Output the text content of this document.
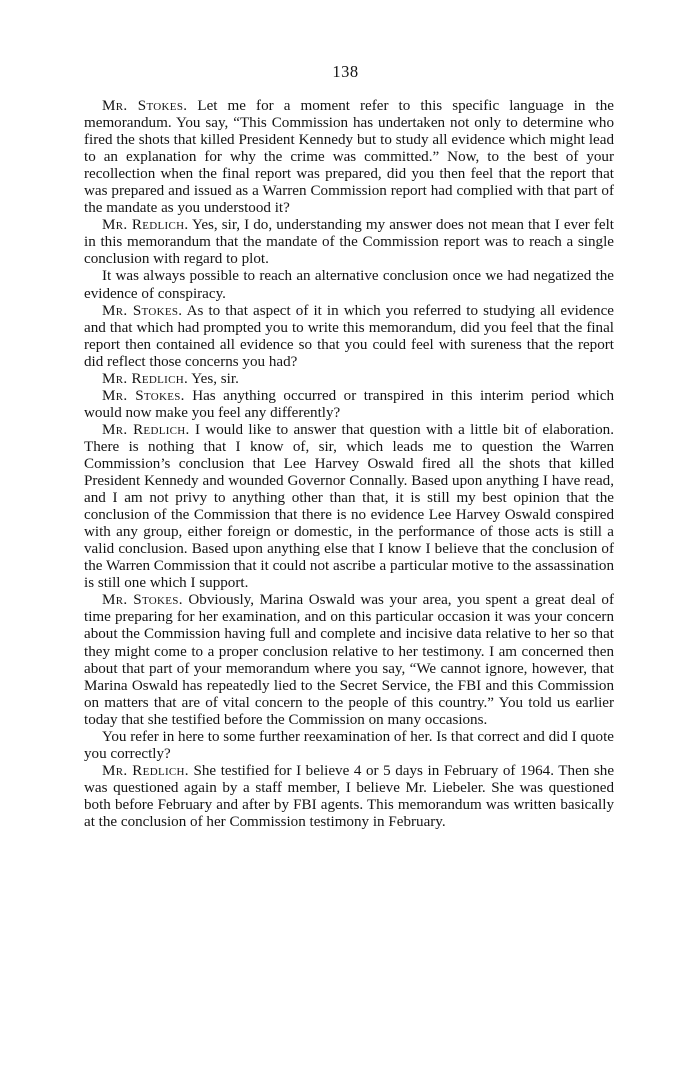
138

Mr. Stokes. Let me for a moment refer to this specific language in the memorandum. You say, “This Commission has undertaken not only to determine who fired the shots that killed President Kennedy but to study all evidence which might lead to an explanation for why the crime was committed.” Now, to the best of your recollection when the final report was prepared, did you then feel that the report that was prepared and issued as a Warren Commission report had complied with that part of the mandate as you understood it?

Mr. Redlich. Yes, sir, I do, understanding my answer does not mean that I ever felt in this memorandum that the mandate of the Commission report was to reach a single conclusion with regard to plot.

It was always possible to reach an alternative conclusion once we had negatized the evidence of conspiracy.

Mr. Stokes. As to that aspect of it in which you referred to studying all evidence and that which had prompted you to write this memorandum, did you feel that the final report then contained all evidence so that you could feel with sureness that the report did reflect those concerns you had?

Mr. Redlich. Yes, sir.

Mr. Stokes. Has anything occurred or transpired in this interim period which would now make you feel any differently?

Mr. Redlich. I would like to answer that question with a little bit of elaboration. There is nothing that I know of, sir, which leads me to question the Warren Commission’s conclusion that Lee Harvey Oswald fired all the shots that killed President Kennedy and wounded Governor Connally. Based upon anything I have read, and I am not privy to anything other than that, it is still my best opinion that the conclusion of the Commission that there is no evidence Lee Harvey Oswald conspired with any group, either foreign or domestic, in the performance of those acts is still a valid conclusion. Based upon anything else that I know I believe that the conclusion of the Warren Commission that it could not ascribe a particular motive to the assassination is still one which I support.

Mr. Stokes. Obviously, Marina Oswald was your area, you spent a great deal of time preparing for her examination, and on this particular occasion it was your concern about the Commission having full and complete and incisive data relative to her so that they might come to a proper conclusion relative to her testimony. I am concerned then about that part of your memorandum where you say, “We cannot ignore, however, that Marina Oswald has repeatedly lied to the Secret Service, the FBI and this Commission on matters that are of vital concern to the people of this country.” You told us earlier today that she testified before the Commission on many occasions.

You refer in here to some further reexamination of her. Is that correct and did I quote you correctly?

Mr. Redlich. She testified for I believe 4 or 5 days in February of 1964. Then she was questioned again by a staff member, I believe Mr. Liebeler. She was questioned both before February and after by FBI agents. This memorandum was written basically at the conclusion of her Commission testimony in February.
